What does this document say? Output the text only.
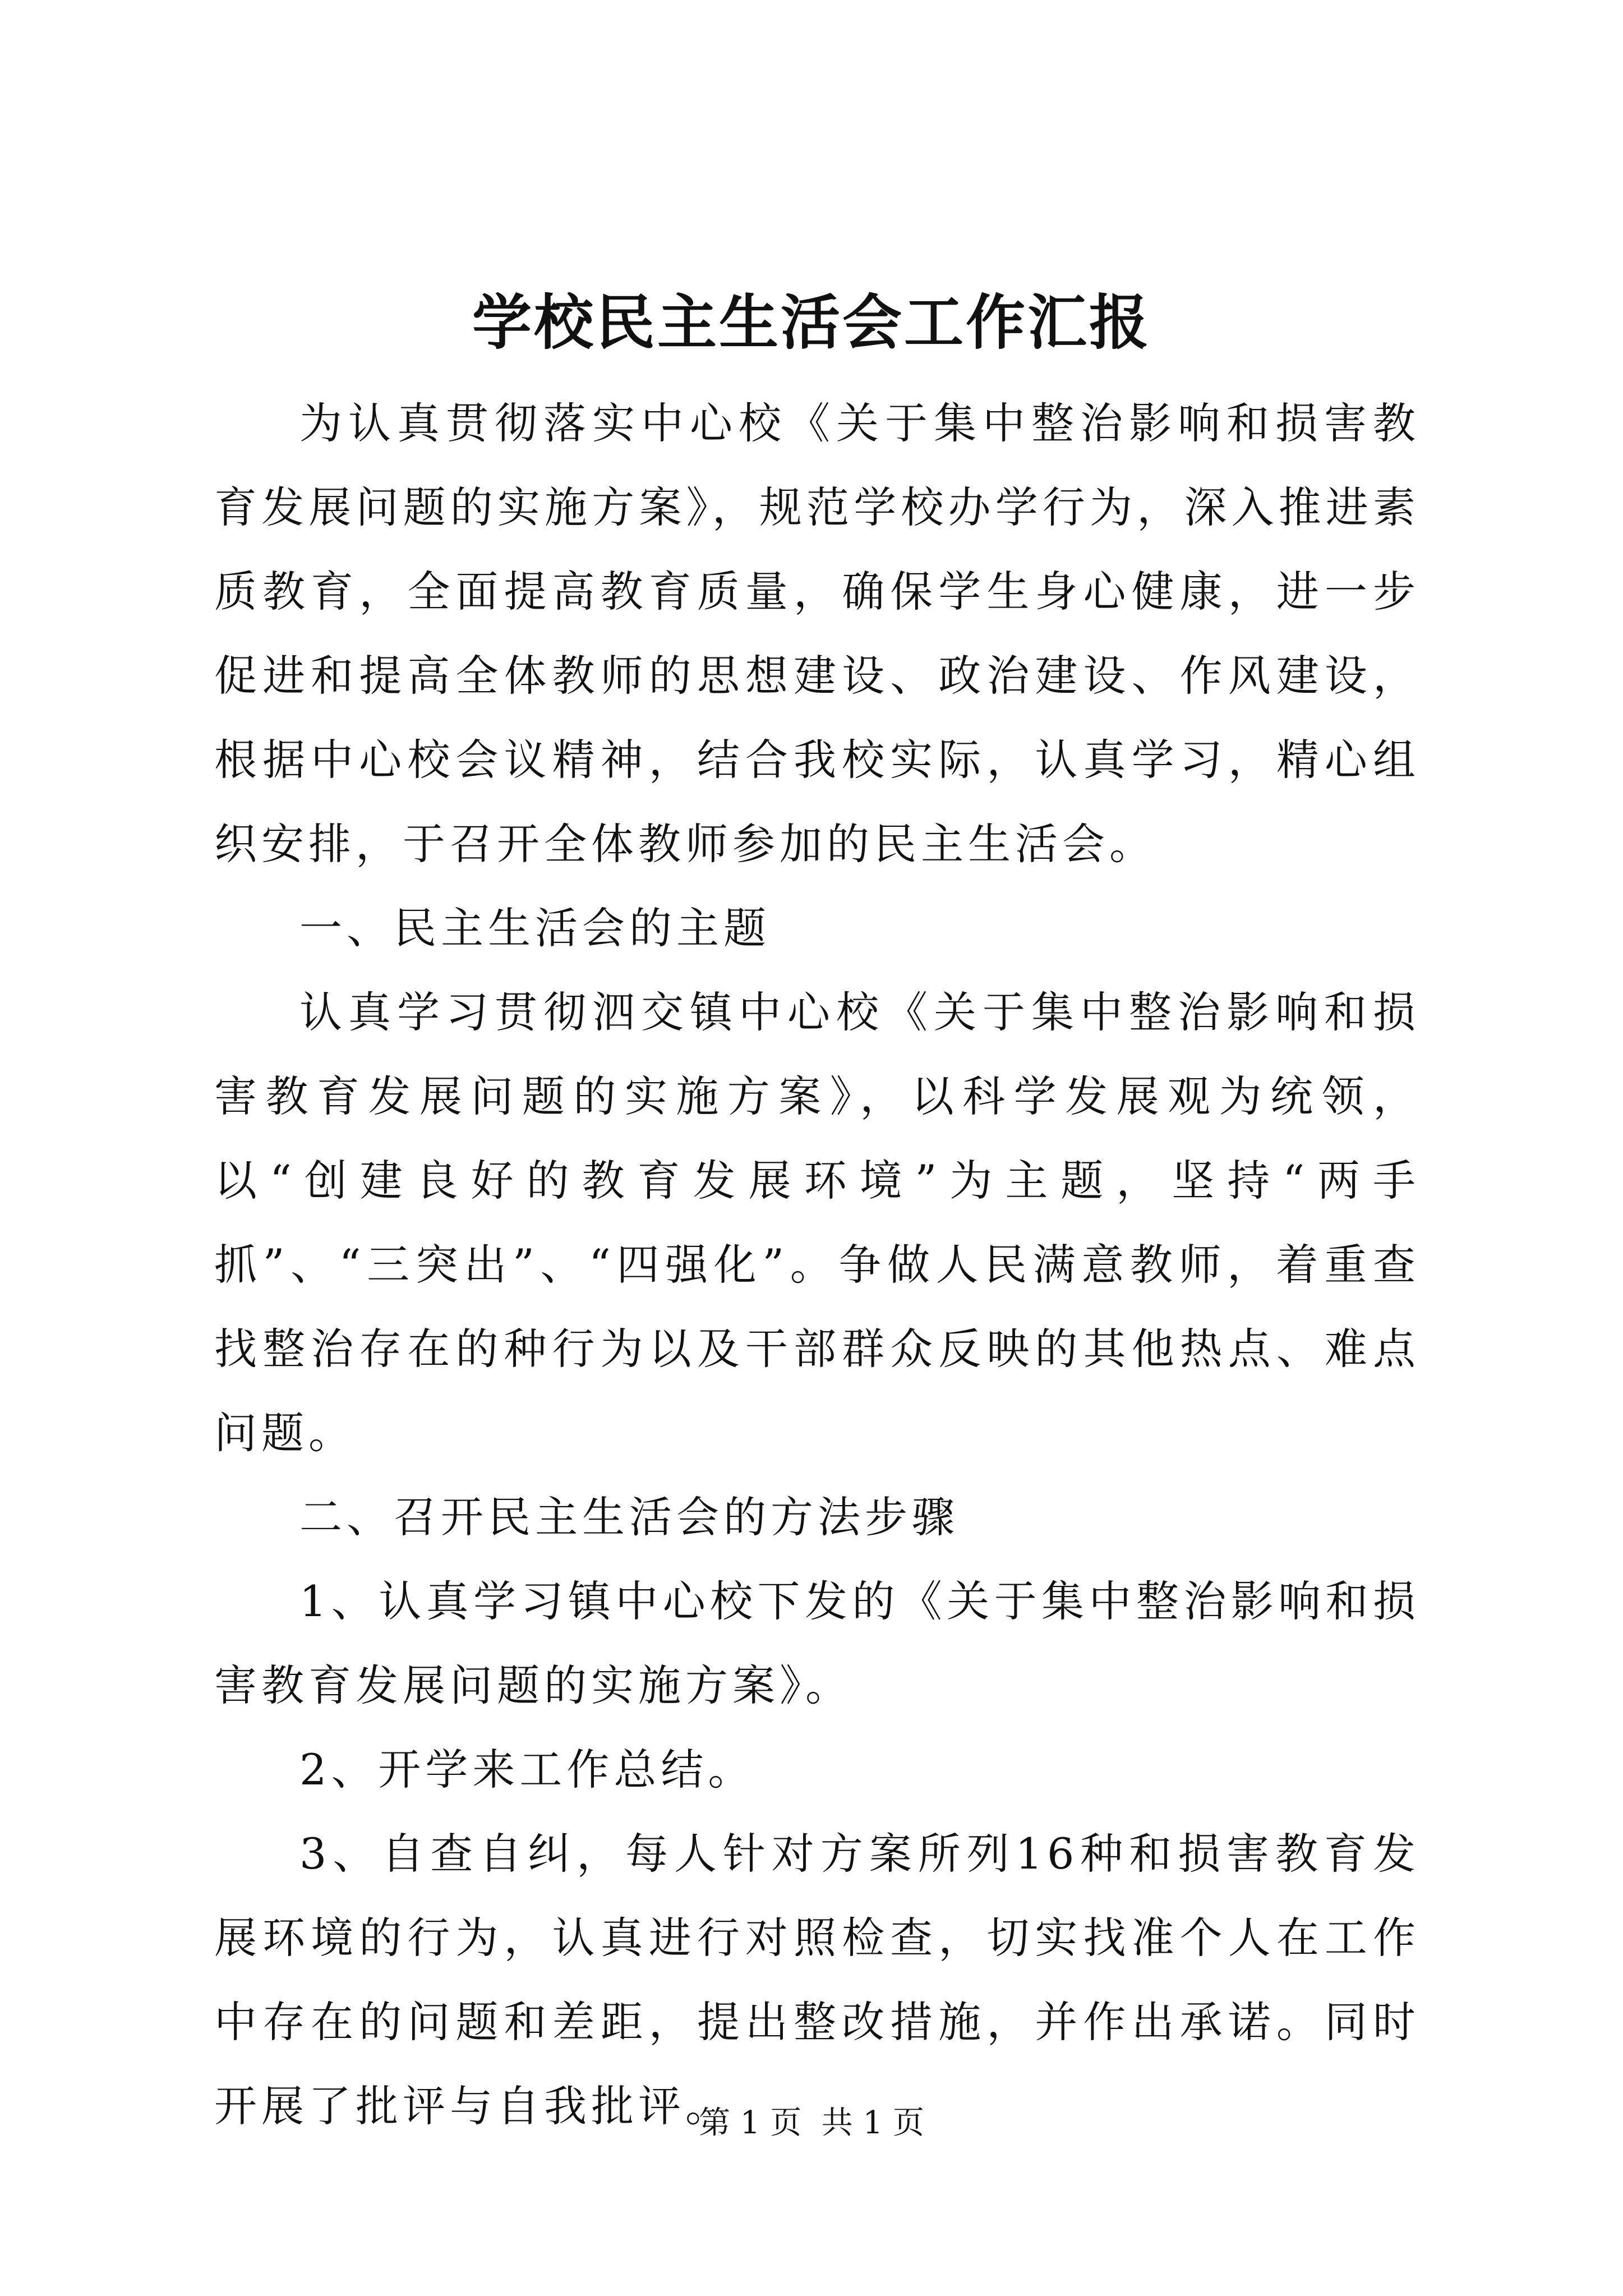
学校民主生活会工作汇报

为认真贯彻落实中心校《关于集中整治影响和损害教育发展问题的实施方案》，规范学校办学行为，深入推进素质教育，全面提高教育质量，确保学生身心健康，进一步促进和提高全体教师的思想建设、政治建设、作风建设，根据中心校会议精神，结合我校实际，认真学习，精心组织安排，于召开全体教师参加的民主生活会。

一、民主生活会的主题

认真学习贯彻泗交镇中心校《关于集中整治影响和损害教育发展问题的实施方案》，以科学发展观为统领，以“创建良好的教育发展环境”为主题，坚持“两手抓”、“三突出”、“四强化”。争做人民满意教师，着重查找整治存在的种行为以及干部群众反映的其他热点、难点问题。

二、召开民主生活会的方法步骤

1、认真学习镇中心校下发的《关于集中整治影响和损害教育发展问题的实施方案》。

2、开学来工作总结。

3、自查自纠，每人针对方案所列16种和损害教育发展环境的行为，认真进行对照检查，切实找准个人在工作中存在的问题和差距，提出整改措施，并作出承诺。同时开展了批评与自我批评。

第 1 页  共 1 页
